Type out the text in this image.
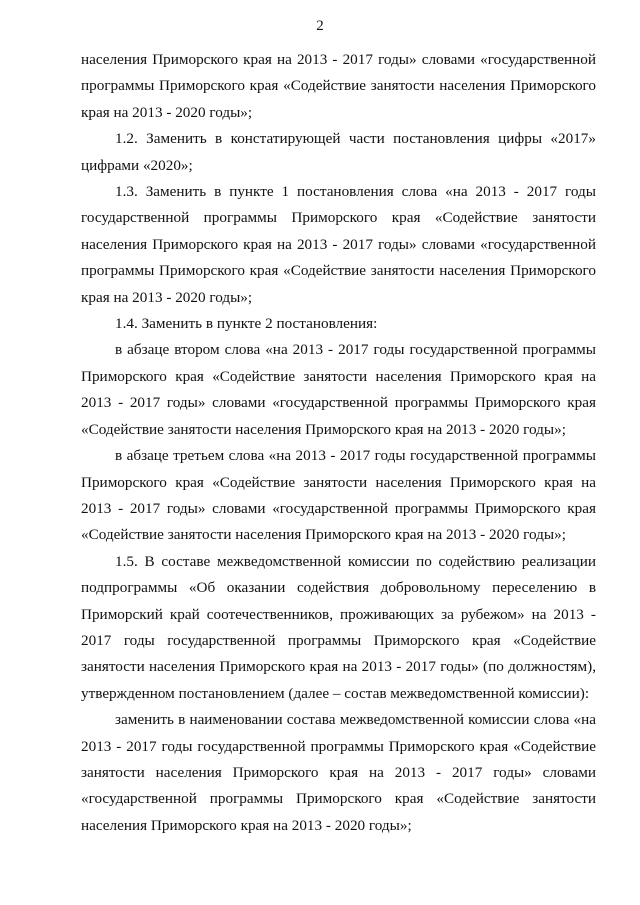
2

населения Приморского края на 2013 - 2017 годы» словами «государственной программы Приморского края «Содействие занятости населения Приморского края на 2013 - 2020 годы»;

1.2. Заменить в констатирующей части постановления цифры «2017» цифрами «2020»;

1.3. Заменить в пункте 1 постановления слова «на 2013 - 2017 годы государственной программы Приморского края «Содействие занятости населения Приморского края на 2013 - 2017 годы» словами «государственной программы Приморского края «Содействие занятости населения Приморского края на 2013 - 2020 годы»;

1.4. Заменить в пункте 2 постановления:

в абзаце втором слова «на 2013 - 2017 годы государственной программы Приморского края «Содействие занятости населения Приморского края на 2013 - 2017 годы» словами «государственной программы Приморского края «Содействие занятости населения Приморского края на 2013 - 2020 годы»;

в абзаце третьем слова «на 2013 - 2017 годы государственной программы Приморского края «Содействие занятости населения Приморского края на 2013 - 2017 годы» словами «государственной программы Приморского края «Содействие занятости населения Приморского края на 2013 - 2020 годы»;

1.5. В составе межведомственной комиссии по содействию реализации подпрограммы «Об оказании содействия добровольному переселению в Приморский край соотечественников, проживающих за рубежом» на 2013 - 2017 годы государственной программы Приморского края «Содействие занятости населения Приморского края на 2013 - 2017 годы» (по должностям), утвержденном постановлением (далее – состав межведомственной комиссии):

заменить в наименовании состава межведомственной комиссии слова «на 2013 - 2017 годы государственной программы Приморского края «Содействие занятости населения Приморского края на 2013 - 2017 годы» словами «государственной программы Приморского края «Содействие занятости населения Приморского края на 2013 - 2020 годы»;
